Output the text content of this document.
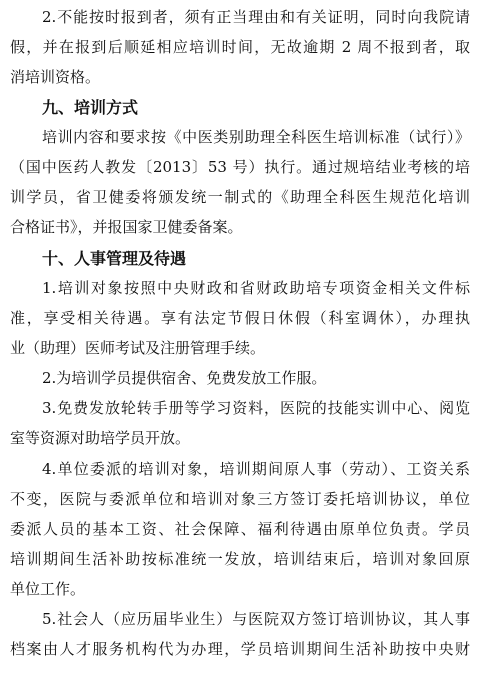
2.不能按时报到者，须有正当理由和有关证明，同时向我院请
假，并在报到后顺延相应培训时间，无故逾期 2 周不报到者，取
消培训资格。
九、培训方式
培训内容和要求按《中医类别助理全科医生培训标准（试行）》
（国中医药人教发〔2013〕53 号）执行。通过规培结业考核的培
训学员，省卫健委将颁发统一制式的《助理全科医生规范化培训
合格证书》，并报国家卫健委备案。
十、人事管理及待遇
1.培训对象按照中央财政和省财政助培专项资金相关文件标
准，享受相关待遇。享有法定节假日休假（科室调休），办理执
业（助理）医师考试及注册管理手续。
2.为培训学员提供宿舍、免费发放工作服。
3.免费发放轮转手册等学习资料，医院的技能实训中心、阅览
室等资源对助培学员开放。
4.单位委派的培训对象，培训期间原人事（劳动）、工资关系
不变，医院与委派单位和培训对象三方签订委托培训协议，单位
委派人员的基本工资、社会保障、福利待遇由原单位负责。学员
培训期间生活补助按标准统一发放，培训结束后，培训对象回原
单位工作。
5.社会人（应历届毕业生）与医院双方签订培训协议，其人事
档案由人才服务机构代为办理，学员培训期间生活补助按中央财
